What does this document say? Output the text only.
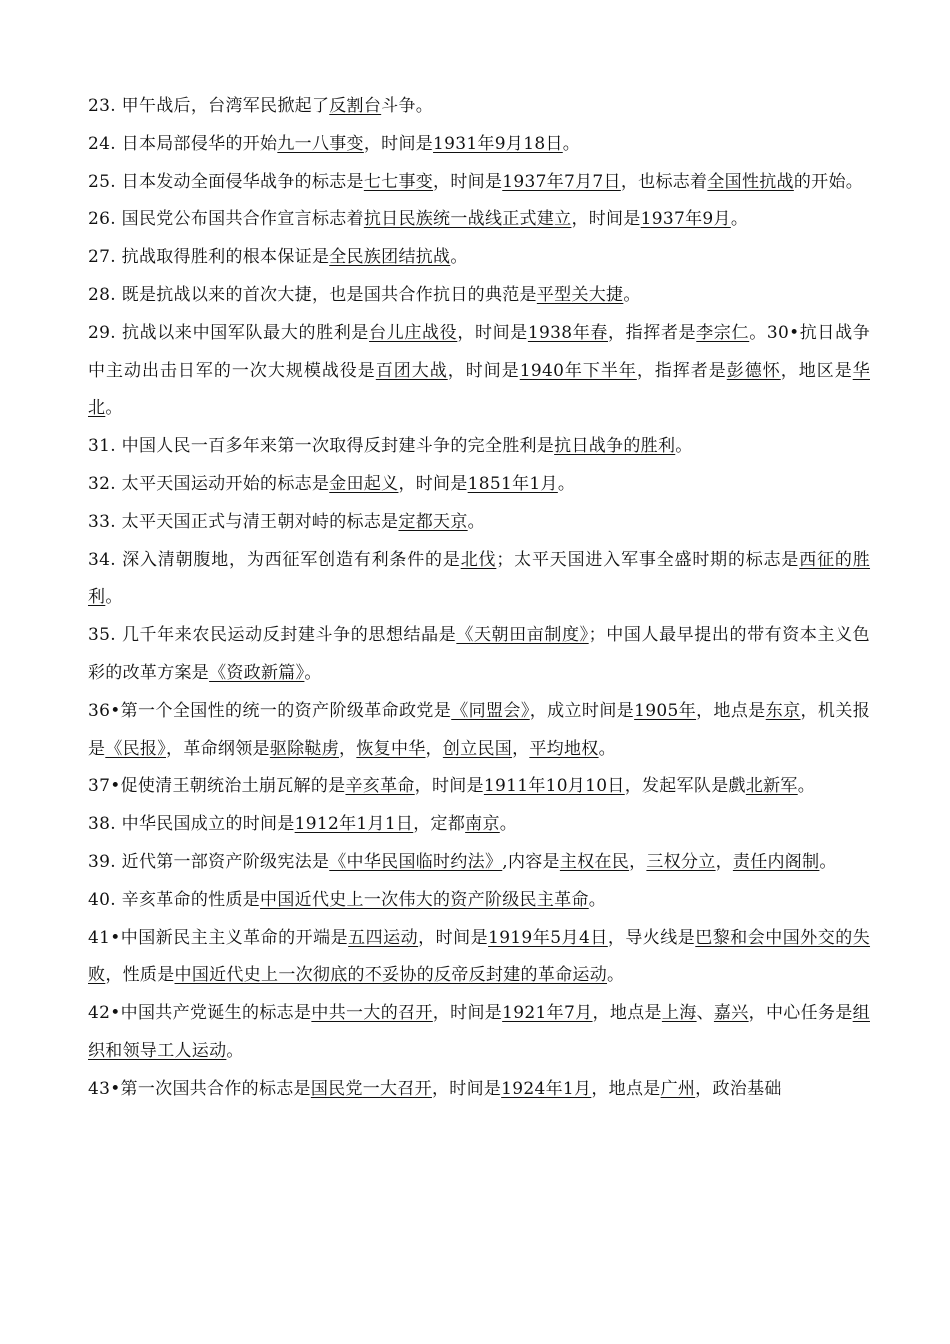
23. 甲午战后，台湾军民掀起了反割台斗争。

24. 日本局部侵华的开始九一八事变，时间是1931年9月18日。

25. 日本发动全面侵华战争的标志是七七事变，时间是1937年7月7日，也标志着全国性抗战的开始。

26. 国民党公布国共合作宣言标志着抗日民族统一战线正式建立，时间是1937年9月。

27. 抗战取得胜利的根本保证是全民族团结抗战。

28. 既是抗战以来的首次大捷，也是国共合作抗日的典范是平型关大捷。

29. 抗战以来中国军队最大的胜利是台儿庄战役，时间是1938年春，指挥者是李宗仁。30•抗日战争中主动出击日军的一次大规模战役是百团大战，时间是1940年下半年，指挥者是彭德怀，地区是华北。

31. 中国人民一百多年来第一次取得反封建斗争的完全胜利是抗日战争的胜利。

32. 太平天国运动开始的标志是金田起义，时间是1851年1月。

33. 太平天国正式与清王朝对峙的标志是定都天京。

34. 深入清朝腹地，为西征军创造有利条件的是北伐；太平天国进入军事全盛时期的标志是西征的胜利。

35. 几千年来农民运动反封建斗争的思想结晶是《天朝田亩制度》；中国人最早提出的带有资本主义色彩的改革方案是《资政新篇》。

36•第一个全国性的统一的资产阶级革命政党是《同盟会》，成立时间是1905年，地点是东京，机关报是《民报》，革命纲领是驱除鞑虏，恢复中华，创立民国，平均地权。

37•促使清王朝统治土崩瓦解的是辛亥革命，时间是1911年10月10日，发起军队是戲北新军。

38. 中华民国成立的时间是1912年1月1日，定都南京。

39. 近代第一部资产阶级宪法是《中华民国临时约法》,内容是主权在民，三权分立，责任内阁制。

40. 辛亥革命的性质是中国近代史上一次伟大的资产阶级民主革命。

41•中国新民主主义革命的开端是五四运动，时间是1919年5月4日，导火线是巴黎和会中国外交的失败，性质是中国近代史上一次彻底的不妥协的反帝反封建的革命运动。

42•中国共产党诞生的标志是中共一大的召开，时间是1921年7月，地点是上海、嘉兴，中心任务是组织和领导工人运动。

43•第一次国共合作的标志是国民党一大召开，时间是1924年1月，地点是广州，政治基础
